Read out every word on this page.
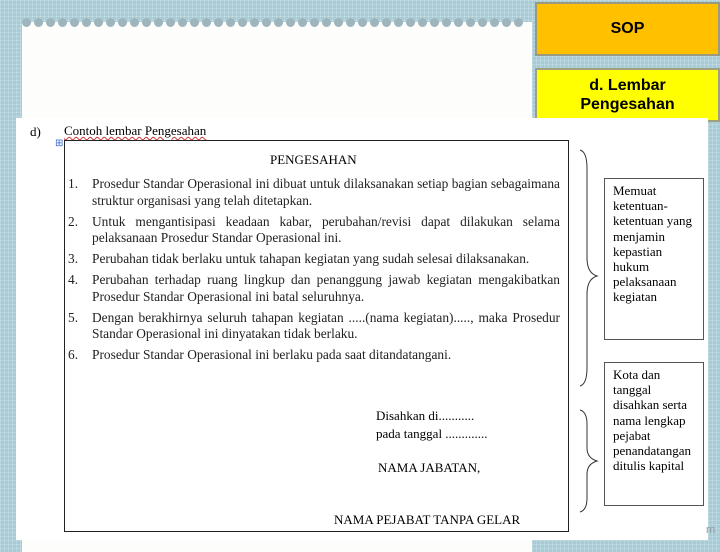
SOP
d. Lembar Pengesahan
d) Contoh lembar Pengesahan
⊞
PENGESAHAN
1.	Prosedur Standar Operasional ini dibuat untuk dilaksanakan setiap bagian sebagaimana struktur organisasi yang telah ditetapkan.
2.	Untuk mengantisipasi keadaan kabar, perubahan/revisi dapat dilakukan selama pelaksanaan Prosedur Standar Operasional ini.
3.	Perubahan tidak berlaku untuk tahapan kegiatan yang sudah selesai dilaksanakan.
4.	Perubahan terhadap ruang lingkup dan penanggung jawab kegiatan mengakibatkan Prosedur Standar Operasional ini batal seluruhnya.
5.	Dengan berakhirnya seluruh tahapan kegiatan .....(nama kegiatan)....., maka Prosedur Standar Operasional ini dinyatakan tidak berlaku.
6.	Prosedur Standar Operasional ini berlaku pada saat ditandatangani.
Disahkan di...........
pada tanggal .............
NAMA JABATAN,
NAMA PEJABAT TANPA GELAR
Memuat ketentuan-ketentuan yang menjamin kepastian hukum pelaksanaan kegiatan
Kota dan tanggal disahkan serta nama lengkap pejabat penandatangan ditulis kapital
m
